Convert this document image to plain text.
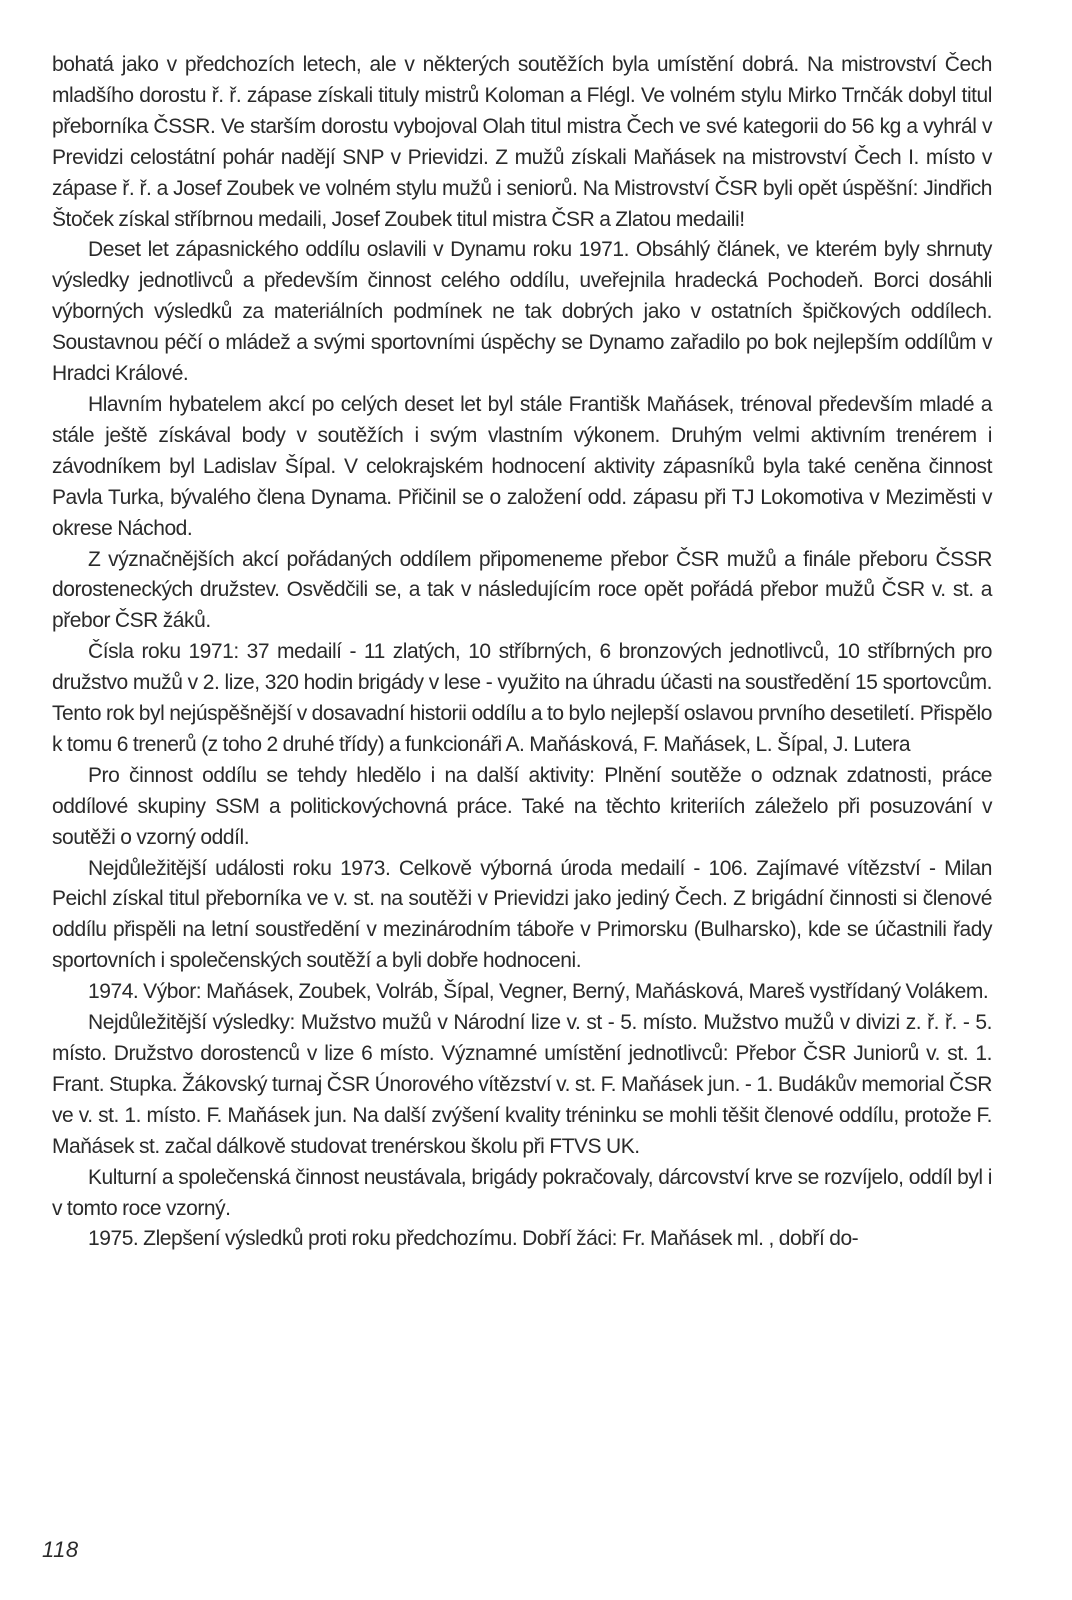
bohatá jako v předchozích letech, ale v některých soutěžích byla umístění dobrá. Na mistrovství Čech mladšího dorostu ř. ř. zápase získali tituly mistrů Koloman a Flégl. Ve volném stylu Mirko Trnčák dobyl titul přeborníka ČSSR. Ve starším dorostu vybojoval Olah titul mistra Čech ve své kategorii do 56 kg a vyhrál v Previdzi celostátní pohár nadějí SNP v Prievidzi. Z mužů získali Maňásek na mistrovství Čech I. místo v zápase ř. ř. a Josef Zoubek ve volném stylu mužů i seniorů. Na Mistrovství ČSR byli opět úspěšní: Jindřich Štoček získal stříbrnou medaili, Josef Zoubek titul mistra ČSR a Zlatou medaili!

Deset let zápasnického oddílu oslavili v Dynamu roku 1971. Obsáhlý článek, ve kterém byly shrnuty výsledky jednotlivců a především činnost celého oddílu, uveřejnila hradecká Pochodeň. Borci dosáhli výborných výsledků za materiálních podmínek ne tak dobrých jako v ostatních špičkových oddílech. Soustavnou péčí o mládež a svými sportovními úspěchy se Dynamo zařadilo po bok nejlepším oddílům v Hradci Králové.

Hlavním hybatelem akcí po celých deset let byl stále Františk Maňásek, trénoval především mladé a stále ještě získával body v soutěžích i svým vlastním výkonem. Druhým velmi aktivním trenérem i závodníkem byl Ladislav Šípal. V celokrajském hodnocení aktivity zápasníků byla také ceněna činnost Pavla Turka, bývalého člena Dynama. Přičinil se o založení odd. zápasu při TJ Lokomotiva v Meziměsti v okrese Náchod.

Z význačnějších akcí pořádaných oddílem připomeneme přebor ČSR mužů a finále přeboru ČSSR dorosteneckých družstev. Osvědčili se, a tak v následujícím roce opět pořádá přebor mužů ČSR v. st. a přebor ČSR žáků.

Čísla roku 1971: 37 medailí - 11 zlatých, 10 stříbrných, 6 bronzových jednotlivců, 10 stříbrných pro družstvo mužů v 2. lize, 320 hodin brigády v lese - využito na úhradu účasti na soustředění 15 sportovcům. Tento rok byl nejúspěšnější v dosavadní historii oddílu a to bylo nejlepší oslavou prvního desetiletí. Přispělo k tomu 6 trenerů (z toho 2 druhé třídy) a funkcionáři A. Maňásková, F. Maňásek, L. Šípal, J. Lutera

Pro činnost oddílu se tehdy hledělo i na další aktivity: Plnění soutěže o odznak zdatnosti, práce oddílové skupiny SSM a politickovýchovná práce. Také na těchto kriteriích záleželo při posuzování v soutěži o vzorný oddíl.

Nejdůležitější události roku 1973. Celkově výborná úroda medailí - 106. Zajímavé vítězství - Milan Peichl získal titul přeborníka ve v. st. na soutěži v Prievidzi jako jediný Čech. Z brigádní činnosti si členové oddílu přispěli na letní soustředění v mezinárodním táboře v Primorsku (Bulharsko), kde se účastnili řady sportovních i společenských soutěží a byli dobře hodnoceni.

1974. Výbor: Maňásek, Zoubek, Volráb, Šípal, Vegner, Berný, Maňásková, Mareš vystřídaný Volákem.

Nejdůležitější výsledky: Mužstvo mužů v Národní lize v. st - 5. místo. Mužstvo mužů v divizi z. ř. ř. - 5. místo. Družstvo dorostenců v lize 6 místo. Významné umístění jednotlivců: Přebor ČSR Juniorů v. st. 1. Frant. Stupka. Žákovský turnaj ČSR Únorového vítězství v. st. F. Maňásek jun. - 1. Budákův memorial ČSR ve v. st. 1. místo. F. Maňásek jun. Na další zvýšení kvality tréninku se mohli těšit členové oddílu, protože F. Maňásek st. začal dálkově studovat trenérskou školu při FTVS UK.

Kulturní a společenská činnost neustávala, brigády pokračovaly, dárcovství krve se rozvíjelo, oddíl byl i v tomto roce vzorný.

1975. Zlepšení výsledků proti roku předchozímu. Dobří žáci: Fr. Maňásek ml. , dobří do-

118
